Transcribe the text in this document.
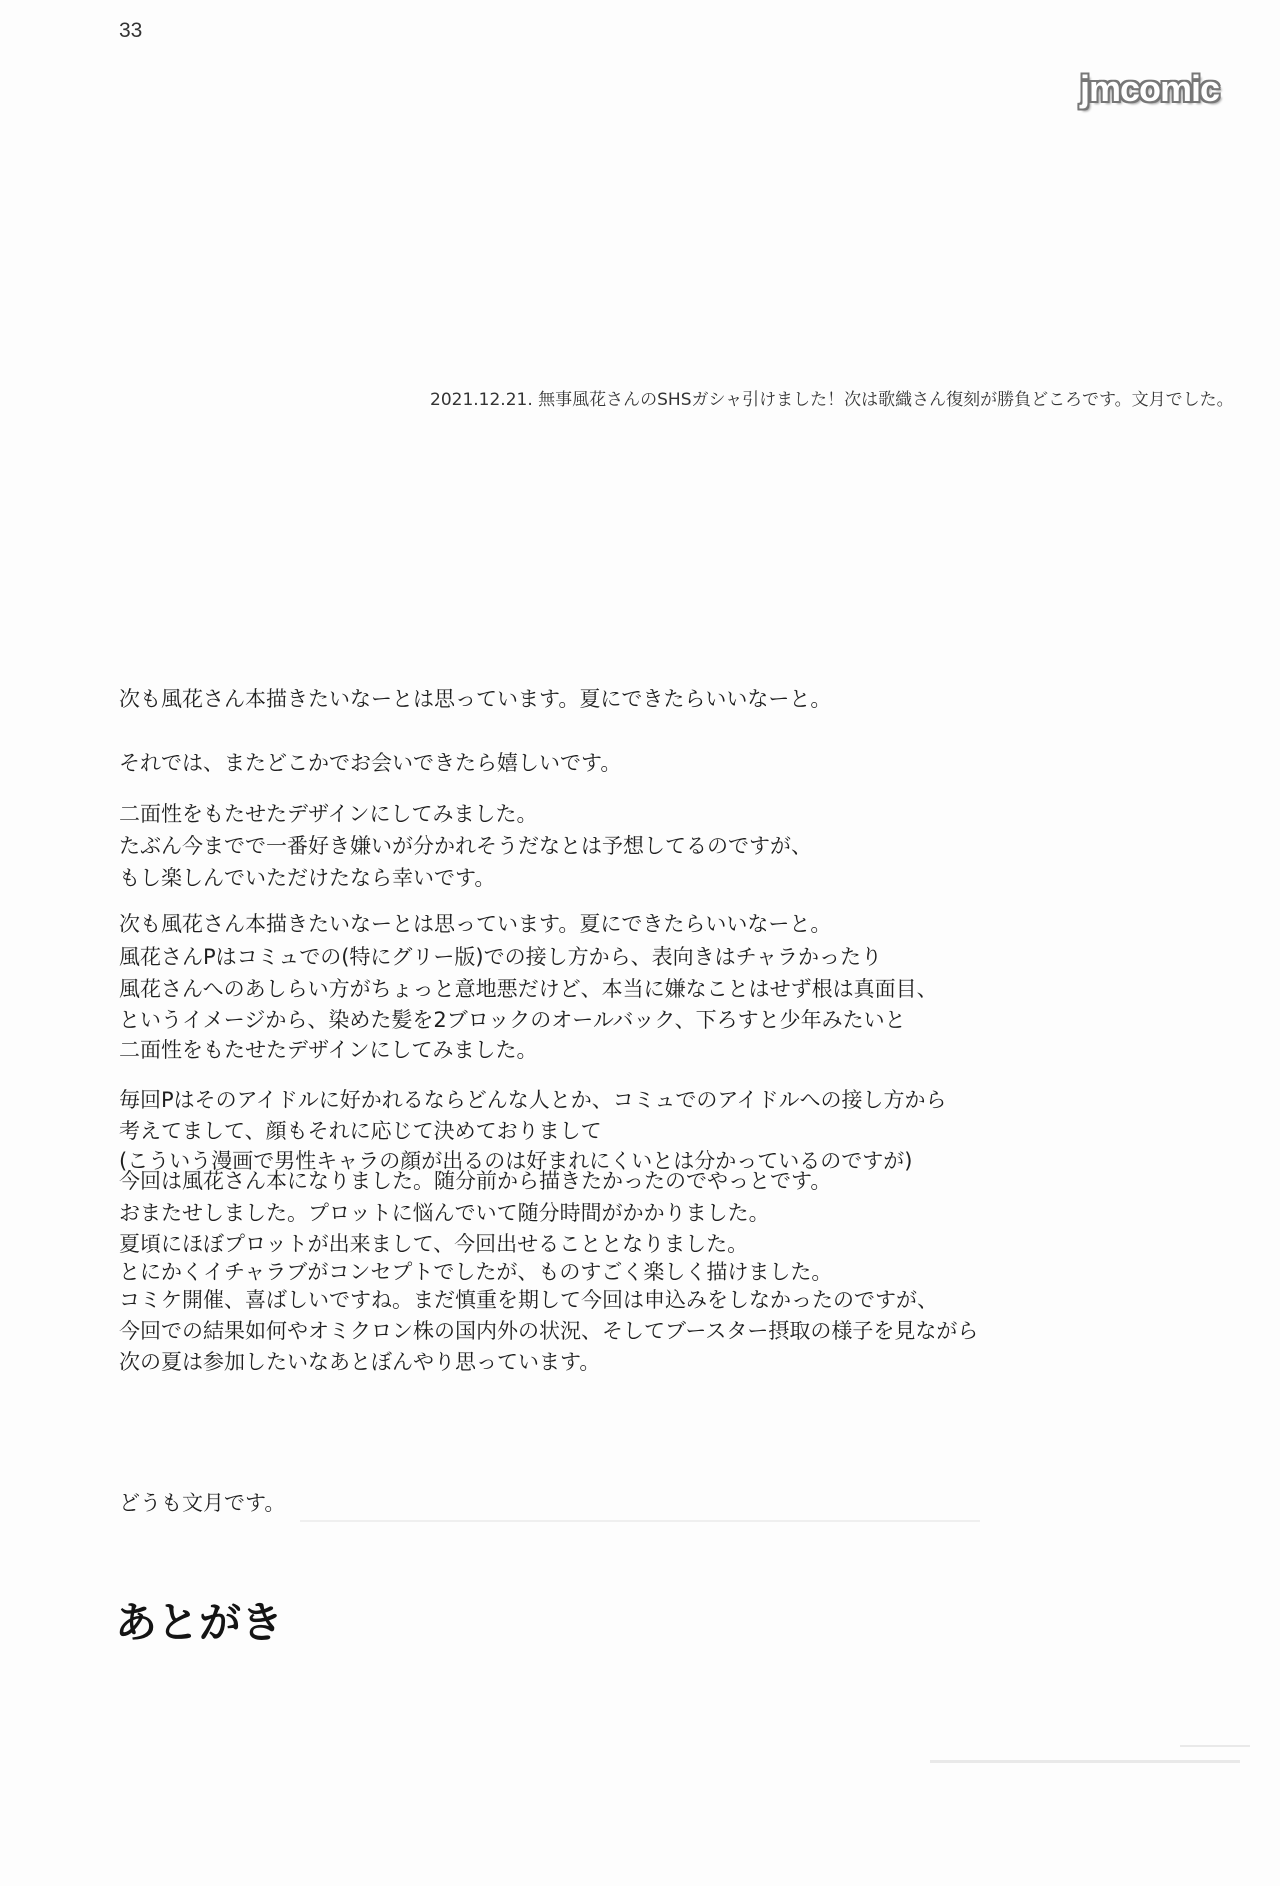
33
jmcomic
2021.12.21. 無事風花さんのSHSガシャ引けました！次は歌織さん復刻が勝負どころです。文月でした。
次も風花さん本描きたいなーとは思っています。夏にできたらいいなーと。
それでは、またどこかでお会いできたら嬉しいです。
二面性をもたせたデザインにしてみました。
たぶん今までで一番好き嫌いが分かれそうだなとは予想してるのですが、
もし楽しんでいただけたなら幸いです。
次も風花さん本描きたいなーとは思っています。夏にできたらいいなーと。
風花さんPはコミュでの(特にグリー版)での接し方から、表向きはチャラかったり
風花さんへのあしらい方がちょっと意地悪だけど、本当に嫌なことはせず根は真面目、
というイメージから、染めた髪を2ブロックのオールバック、下ろすと少年みたいと
二面性をもたせたデザインにしてみました。
毎回Pはそのアイドルに好かれるならどんな人とか、コミュでのアイドルへの接し方から
考えてまして、顔もそれに応じて決めておりまして
(こういう漫画で男性キャラの顔が出るのは好まれにくいとは分かっているのですが)
今回は風花さん本になりました。随分前から描きたかったのでやっとです。
おまたせしました。プロットに悩んでいて随分時間がかかりました。
夏頃にほぼプロットが出来まして、今回出せることとなりました。
とにかくイチャラブがコンセプトでしたが、ものすごく楽しく描けました。
コミケ開催、喜ばしいですね。まだ慎重を期して今回は申込みをしなかったのですが、
今回での結果如何やオミクロン株の国内外の状況、そしてブースター摂取の様子を見ながら
次の夏は参加したいなあとぼんやり思っています。
どうも文月です。
あとがき
